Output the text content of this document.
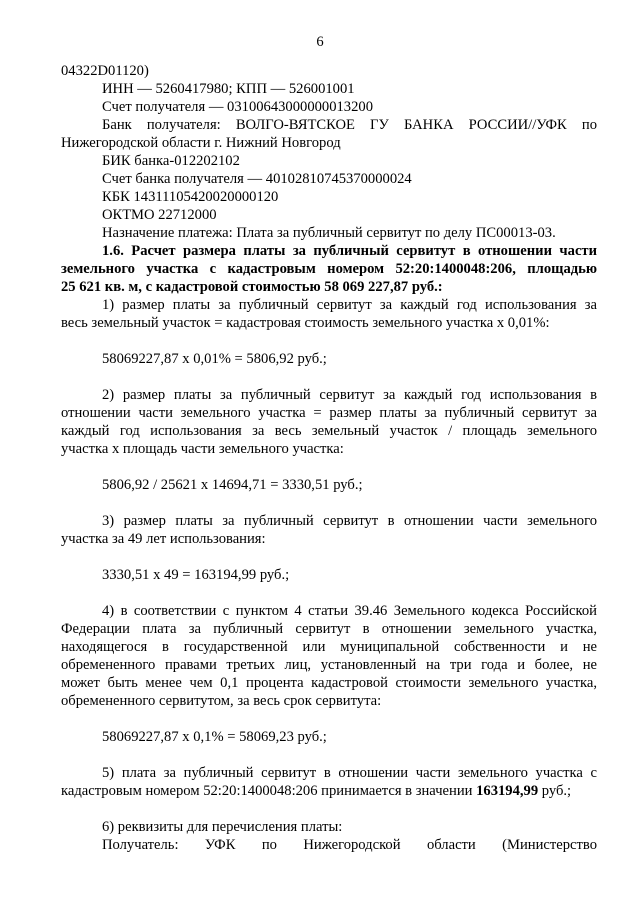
6
04322D01120)
ИНН — 5260417980; КПП — 526001001
Счет получателя — 03100643000000013200
Банк получателя: ВОЛГО-ВЯТСКОЕ ГУ БАНКА РОССИИ//УФК по
Нижегородской области г. Нижний Новгород
БИК банка-012202102
Счет банка получателя — 40102810745370000024
КБК 14311105420020000120
ОКТМО 22712000
Назначение платежа: Плата за публичный сервитут по делу ПС00013-03.
1.6. Расчет размера платы за публичный сервитут в отношении части
земельного участка с кадастровым номером 52:20:1400048:206, площадью
25 621 кв. м, с кадастровой стоимостью 58 069 227,87 руб.:
1) размер платы за публичный сервитут за каждый год использования за
весь земельный участок = кадастровая стоимость земельного участка х 0,01%:
58069227,87 х 0,01% = 5806,92 руб.;
2) размер платы за публичный сервитут за каждый год использования в
отношении части земельного участка = размер платы за публичный сервитут за
каждый год использования за весь земельный участок / площадь земельного
участка х площадь части земельного участка:
5806,92 / 25621 х 14694,71 = 3330,51 руб.;
3) размер платы за публичный сервитут в отношении части земельного
участка за 49 лет использования:
3330,51 х 49 = 163194,99 руб.;
4) в соответствии с пунктом 4 статьи 39.46 Земельного кодекса Российской
Федерации плата за публичный сервитут в отношении земельного участка,
находящегося в государственной или муниципальной собственности и не
обремененного правами третьих лиц, установленный на три года и более, не
может быть менее чем 0,1 процента кадастровой стоимости земельного участка,
обремененного сервитутом, за весь срок сервитута:
58069227,87 х 0,1% = 58069,23 руб.;
5) плата за публичный сервитут в отношении части земельного участка с
кадастровым номером 52:20:1400048:206 принимается в значении 163194,99 руб.;
6) реквизиты для перечисления платы:
Получатель: УФК по Нижегородской области (Министерство
